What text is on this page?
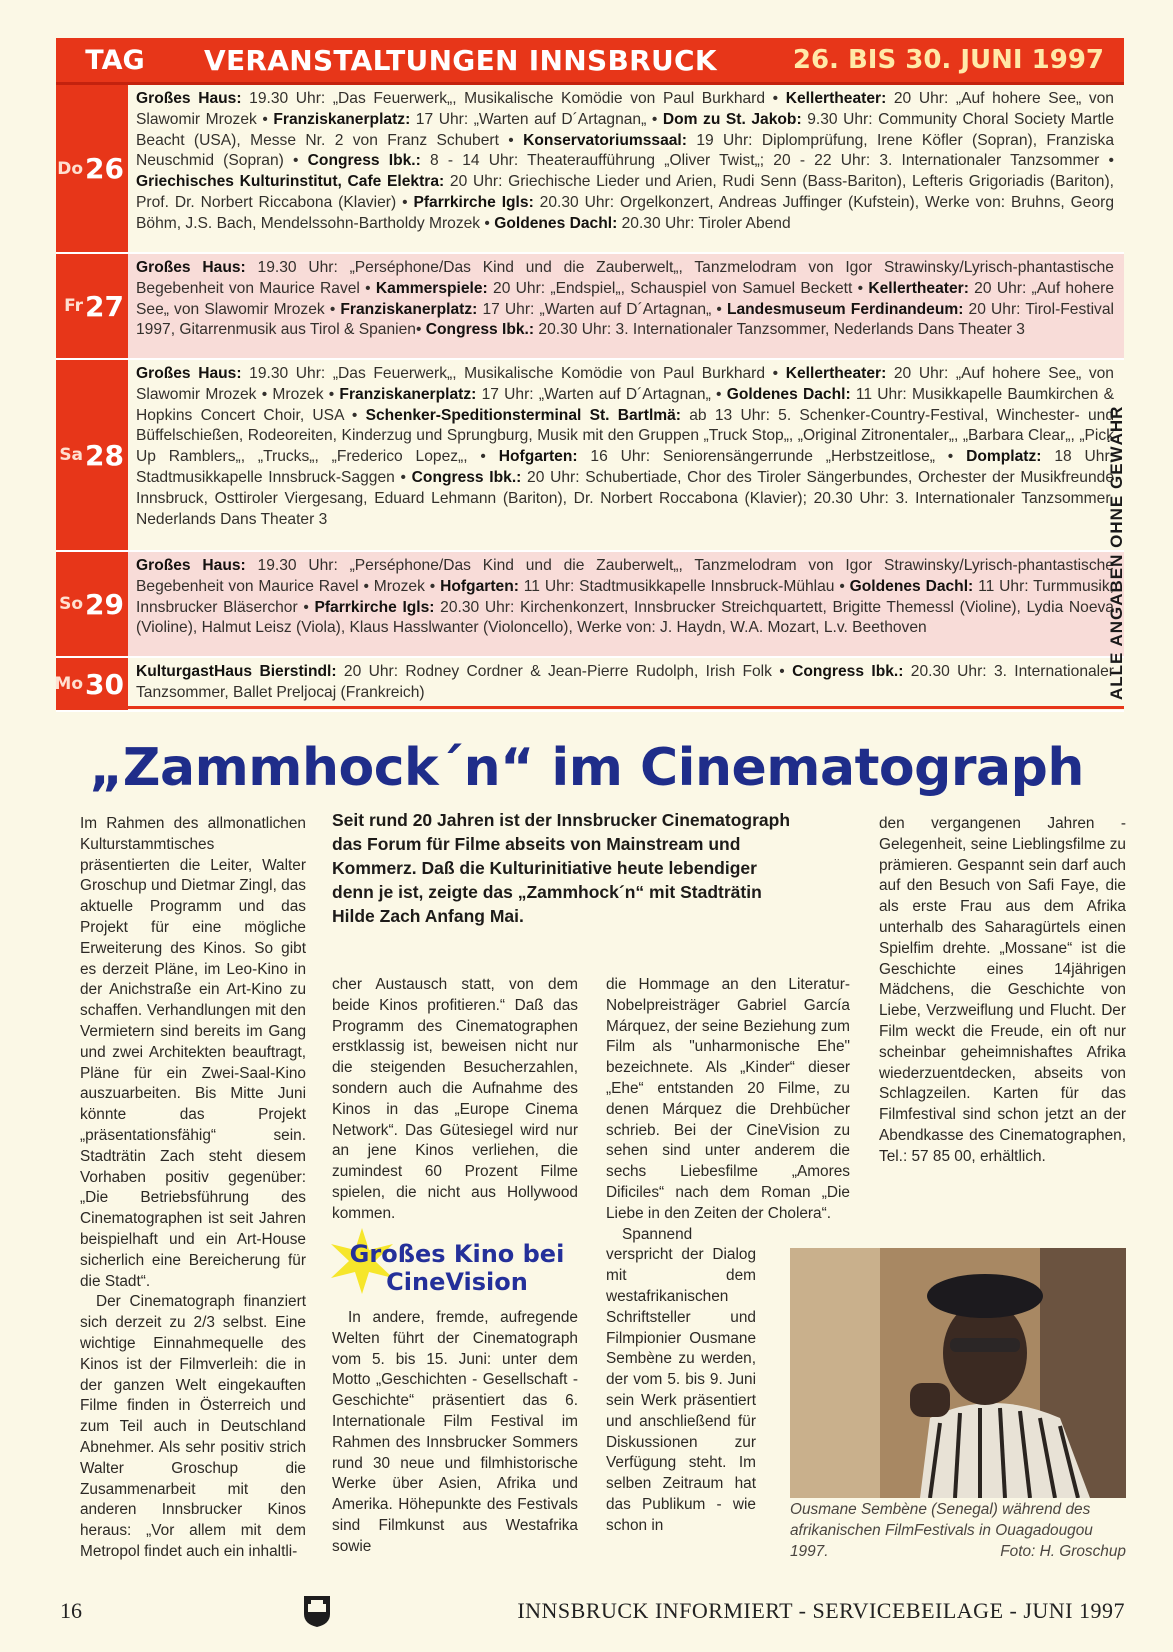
TAG	VERANSTALTUNGEN INNSBRUCK	26. BIS 30. JUNI 1997
Do 26
Großes Haus: 19.30 Uhr: „Das Feuerwerk„, Musikalische Komödie von Paul Burkhard • Kellertheater: 20 Uhr: „Auf hohere See„ von Slawomir Mrozek • Franziskanerplatz: 17 Uhr: „Warten auf D´Artagnan„ • Dom zu St. Jakob: 9.30 Uhr: Community Choral Society Martle Beacht (USA), Messe Nr. 2 von Franz Schubert • Konservatoriumssaal: 19 Uhr: Diplomprüfung, Irene Köfler (Sopran), Franziska Neuschmid (Sopran) • Congress Ibk.: 8 - 14 Uhr: Theateraufführung „Oliver Twist„; 20 - 22 Uhr: 3. Internationaler Tanzsommer • Griechisches Kulturinstitut, Cafe Elektra: 20 Uhr: Griechische Lieder und Arien, Rudi Senn (Bass-Bariton), Lefteris Grigoriadis (Bariton), Prof. Dr. Norbert Riccabona (Klavier) • Pfarrkirche Igls: 20.30 Uhr: Orgelkonzert, Andreas Juffinger (Kufstein), Werke von: Bruhns, Georg Böhm, J.S. Bach, Mendelssohn-Bartholdy Mrozek • Goldenes Dachl: 20.30 Uhr: Tiroler Abend
Fr 27
Großes Haus: 19.30 Uhr: „Perséphone/Das Kind und die Zauberwelt„, Tanzmelodram von Igor Strawinsky/Lyrisch-phantastische Begebenheit von Maurice Ravel • Kammerspiele: 20 Uhr: „Endspiel„, Schauspiel von Samuel Beckett • Kellertheater: 20 Uhr: „Auf hohere See„ von Slawomir Mrozek • Franziskanerplatz: 17 Uhr: „Warten auf D´Artagnan„ • Landesmuseum Ferdinandeum: 20 Uhr: Tirol-Festival 1997, Gitarrenmusik aus Tirol & Spanien• Congress Ibk.: 20.30 Uhr: 3. Internationaler Tanzsommer, Nederlands Dans Theater 3
Sa 28
Großes Haus: 19.30 Uhr: „Das Feuerwerk„, Musikalische Komödie von Paul Burkhard • Kellertheater: 20 Uhr: „Auf hohere See„ von Slawomir Mrozek • Mrozek • Franziskanerplatz: 17 Uhr: „Warten auf D´Artagnan„ • Goldenes Dachl: 11 Uhr: Musikkapelle Baumkirchen & Hopkins Concert Choir, USA • Schenker-Speditionsterminal St. Bartlmä: ab 13 Uhr: 5. Schenker-Country-Festival, Winchester- und Büffelschießen, Rodeoreiten, Kinderzug und Sprungburg, Musik mit den Gruppen „Truck Stop„, „Original Zitronentaler„, „Barbara Clear„, „Pick Up Ramblers„, „Trucks„, „Frederico Lopez„, • Hofgarten: 16 Uhr: Seniorensängerrunde „Herbstzeitlose„ • Domplatz: 18 Uhr: Stadtmusikkapelle Innsbruck-Saggen • Congress Ibk.: 20 Uhr: Schubertiade, Chor des Tiroler Sängerbundes, Orchester der Musikfreunde Innsbruck, Osttiroler Viergesang, Eduard Lehmann (Bariton), Dr. Norbert Roccabona (Klavier); 20.30 Uhr: 3. Internationaler Tanzsommer, Nederlands Dans Theater 3
So 29
Großes Haus: 19.30 Uhr: „Perséphone/Das Kind und die Zauberwelt„, Tanzmelodram von Igor Strawinsky/Lyrisch-phantastische Begebenheit von Maurice Ravel • Mrozek • Hofgarten: 11 Uhr: Stadtmusikkapelle Innsbruck-Mühlau • Goldenes Dachl: 11 Uhr: Turmmusik, Innsbrucker Bläserchor • Pfarrkirche Igls: 20.30 Uhr: Kirchenkonzert, Innsbrucker Streichquartett, Brigitte Themessl (Violine), Lydia Noeva (Violine), Halmut Leisz (Viola), Klaus Hasslwanter (Violoncello), Werke von: J. Haydn, W.A. Mozart, L.v. Beethoven
Mo 30 KulturgastHaus Bierstindl: 20 Uhr: Rodney Cordner & Jean-Pierre Rudolph, Irish Folk • Congress Ibk.: 20.30 Uhr: 3. Internationaler Tanzsommer, Ballet Preljocaj (Frankreich)	ALLE ANGABEN OHNE GEWÄHR
„Zammhock´n“ im Cinematograph

Im Rahmen des allmonatlichen Kulturstammtisches präsentierten die Leiter, Walter Groschup und Dietmar Zingl, das aktuelle Programm und das Projekt für eine mögliche Erweiterung des Kinos. So gibt es derzeit Pläne, im Leo-Kino in der Anichstraße ein Art-Kino zu schaffen. Verhandlungen mit den Vermietern sind bereits im Gang und zwei Architekten beauftragt, Pläne für ein Zwei-Saal-Kino auszuarbeiten. Bis Mitte Juni könnte das Projekt „präsentationsfähig“ sein. Stadträtin Zach steht diesem Vorhaben positiv gegenüber: „Die Betriebsführung des Cinematographen ist seit Jahren beispielhaft und ein Art-House sicherlich eine Bereicherung für die Stadt“.

Der Cinematograph finanziert sich derzeit zu 2/3 selbst. Eine wichtige Einnahmequelle des Kinos ist der Filmverleih: die in der ganzen Welt eingekauften Filme finden in Österreich und zum Teil auch in Deutschland Abnehmer. Als sehr positiv strich Walter Groschup die Zusammenarbeit mit den anderen Innsbrucker Kinos heraus: „Vor allem mit dem Metropol findet auch ein inhaltli-

Seit rund 20 Jahren ist der Innsbrucker Cinematograph das Forum für Filme abseits von Mainstream und Kommerz. Daß die Kulturinitiative heute lebendiger denn je ist, zeigte das „Zammhock´n“ mit Stadträtin Hilde Zach Anfang Mai.

cher Austausch statt, von dem beide Kinos profitieren.“ Daß das Programm des Cinematographen erstklassig ist, beweisen nicht nur die steigenden Besucherzahlen, sondern auch die Aufnahme des Kinos in das „Europe Cinema Network“. Das Gütesiegel wird nur an jene Kinos verliehen, die zumindest 60 Prozent Filme spielen, die nicht aus Hollywood kommen.

Großes Kino bei
CineVision

In andere, fremde, aufregende Welten führt der Cinematograph vom 5. bis 15. Juni: unter dem Motto „Geschichten - Gesellschaft - Geschichte“ präsentiert das 6. Internationale Film Festival im Rahmen des Innsbrucker Sommers rund 30 neue und filmhistorische Werke über Asien, Afrika und Amerika. Höhepunkte des Festivals sind Filmkunst aus Westafrika sowie

die Hommage an den Literatur-Nobelpreisträger Gabriel García Márquez, der seine Beziehung zum Film als "unharmonische Ehe" bezeichnete. Als „Kinder“ dieser „Ehe“ entstanden 20 Filme, zu denen Márquez die Drehbücher schrieb. Bei der CineVision zu sehen sind unter anderem die sechs Liebesfilme „Amores Dificiles“ nach dem Roman „Die Liebe in den Zeiten der Cholera“.

Spannend verspricht der Dialog mit dem westafrikanischen Schriftsteller und Filmpionier Ousmane Sembène zu werden, der vom 5. bis 9. Juni sein Werk präsentiert und anschließend für Diskussionen zur Verfügung steht. Im selben Zeitraum hat das Publikum - wie schon in

den vergangenen Jahren - Gelegenheit, seine Lieblingsfilme zu prämieren. Gespannt sein darf auch auf den Besuch von Safi Faye, die als erste Frau aus dem Afrika unterhalb des Saharagürtels einen Spielfim drehte. „Mossane“ ist die Geschichte eines 14jährigen Mädchens, die Geschichte von Liebe, Verzweiflung und Flucht. Der Film weckt die Freude, ein oft nur scheinbar geheimnishaftes Afrika wiederzuentdecken, abseits von Schlagzeilen. Karten für das Filmfestival sind schon jetzt an der Abendkasse des Cinematographen, Tel.: 57 85 00, erhältlich.

Ousmane Sembène (Senegal) während des afrikanischen FilmFestivals in Ouagadougou 1997.	Foto: H. Groschup
16	INNSBRUCK INFORMIERT - SERVICEBEILAGE - JUNI 1997
